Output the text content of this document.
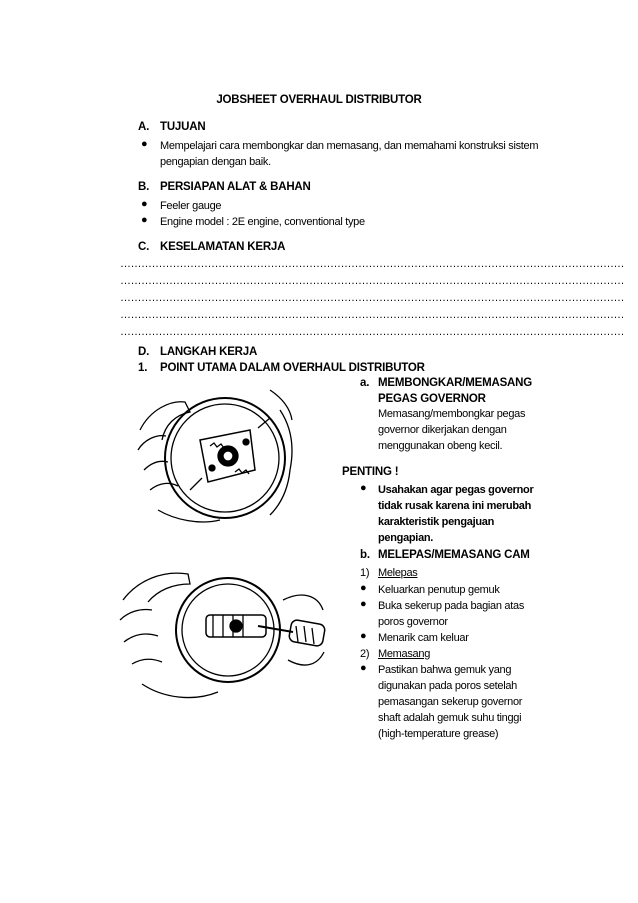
JOBSHEET OVERHAUL DISTRIBUTOR
A. TUJUAN
● Mempelajari cara membongkar dan memasang, dan memahami konstruksi sistem pengapian dengan baik.
B. PERSIAPAN ALAT & BAHAN
● Feeler gauge
● Engine model : 2E engine, conventional type
C. KESELAMATAN KERJA
………………………………………………………………………………………………………………………………
………………………………………………………………………………………………………………………………
………………………………………………………………………………………………………………………………
………………………………………………………………………………………………………………………………
………………………………………………………………………………………………………………………………
D. LANGKAH KERJA
1. POINT UTAMA DALAM OVERHAUL DISTRIBUTOR
a. MEMBONGKAR/MEMASANG
PEGAS GOVERNOR
Memasang/membongkar pegas
governor dikerjakan dengan
menggunakan obeng kecil.
PENTING !
● Usahakan agar pegas governor
tidak rusak karena ini merubah
karakteristik pengajuan
pengapian.
b. MELEPAS/MEMASANG CAM
1) Melepas
● Keluarkan penutup gemuk
● Buka sekerup pada bagian atas
poros governor
● Menarik cam keluar
2) Memasang
● Pastikan bahwa gemuk yang
digunakan pada poros setelah
pemasangan sekerup governor
shaft adalah gemuk suhu tinggi
(high-temperature grease)
